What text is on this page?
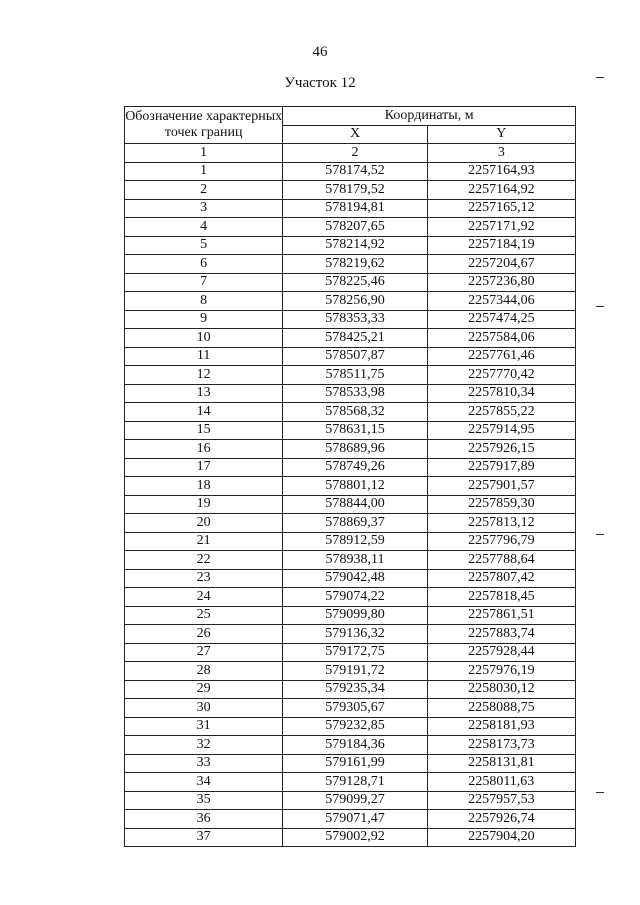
46
Участок 12
Обозначение характерных точек границ	Координаты, м	
	X	Y
1	2	3
1	578174,52	2257164,93
2	578179,52	2257164,92
3	578194,81	2257165,12
4	578207,65	2257171,92
5	578214,92	2257184,19
6	578219,62	2257204,67
7	578225,46	2257236,80
8	578256,90	2257344,06
9	578353,33	2257474,25
10	578425,21	2257584,06
11	578507,87	2257761,46
12	578511,75	2257770,42
13	578533,98	2257810,34
14	578568,32	2257855,22
15	578631,15	2257914,95
16	578689,96	2257926,15
17	578749,26	2257917,89
18	578801,12	2257901,57
19	578844,00	2257859,30
20	578869,37	2257813,12
21	578912,59	2257796,79
22	578938,11	2257788,64
23	579042,48	2257807,42
24	579074,22	2257818,45
25	579099,80	2257861,51
26	579136,32	2257883,74
27	579172,75	2257928,44
28	579191,72	2257976,19
29	579235,34	2258030,12
30	579305,67	2258088,75
31	579232,85	2258181,93
32	579184,36	2258173,73
33	579161,99	2258131,81
34	579128,71	2258011,63
35	579099,27	2257957,53
36	579071,47	2257926,74
37	579002,92	2257904,20
